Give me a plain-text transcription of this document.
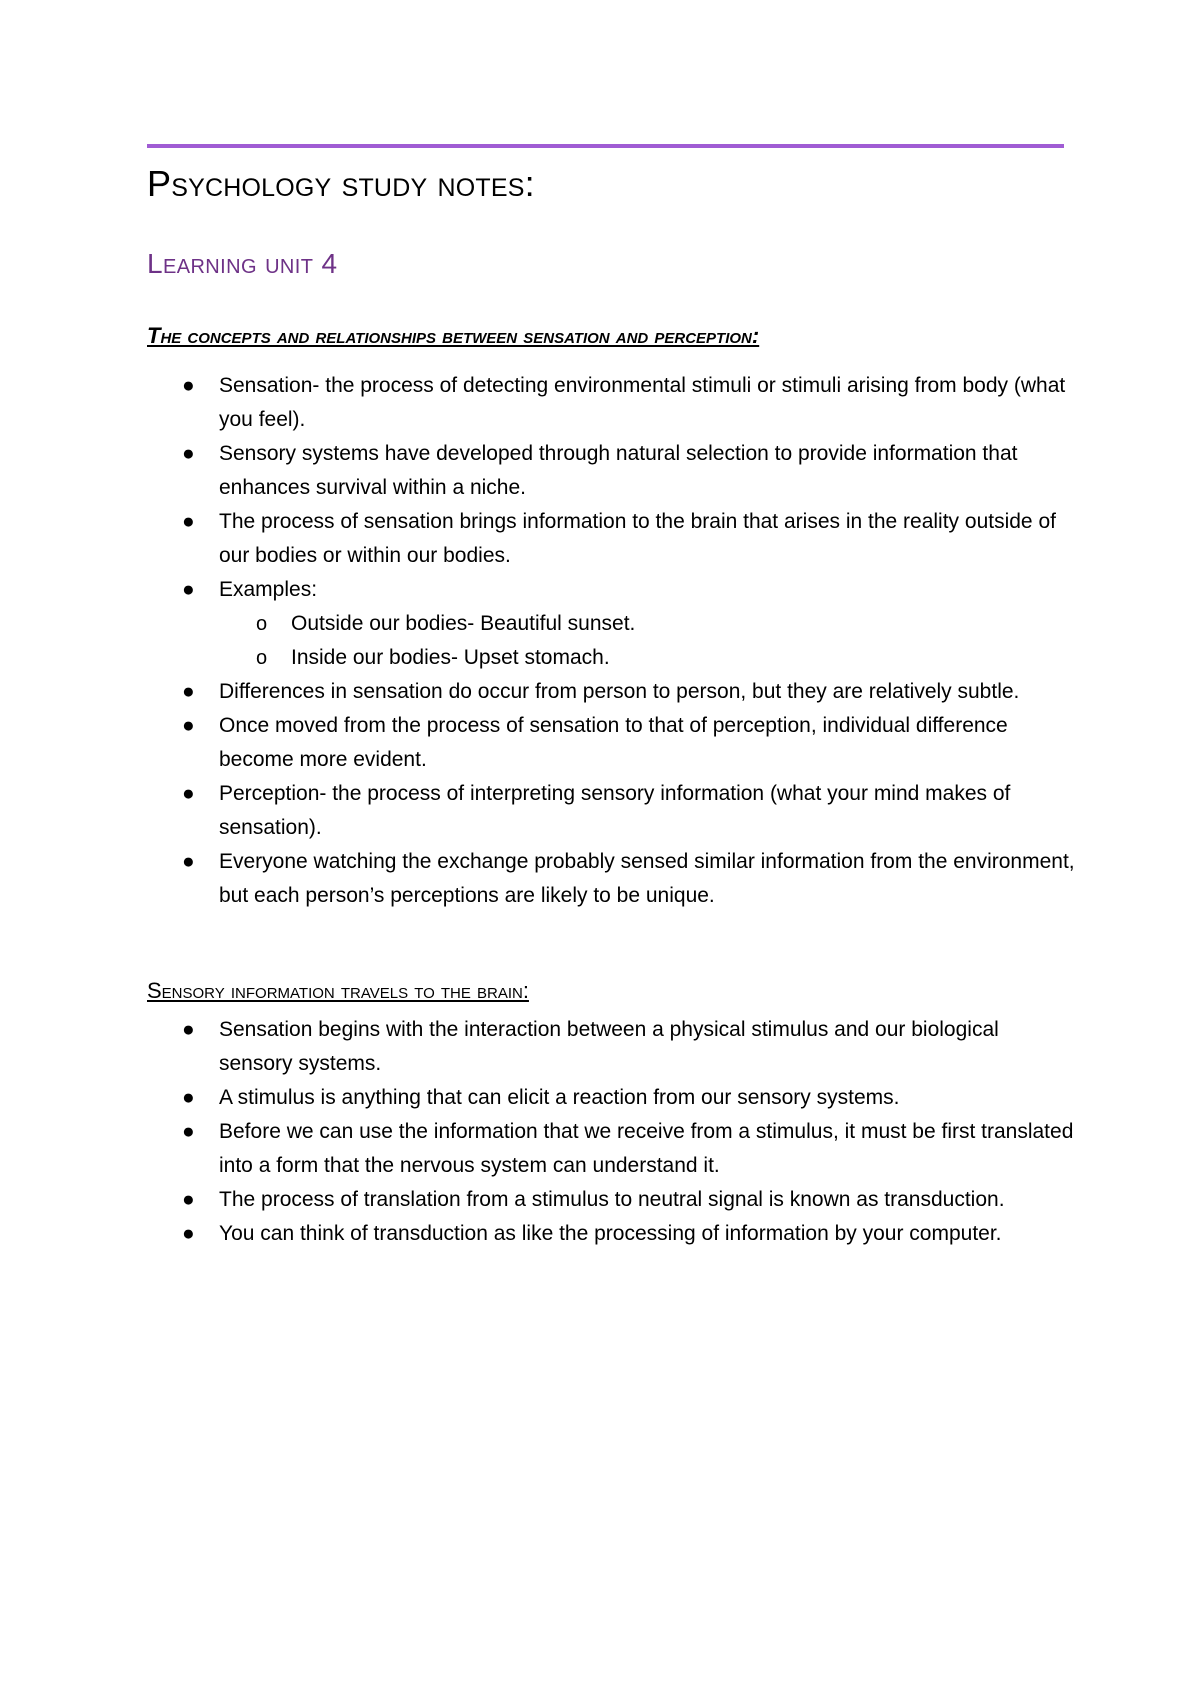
Psychology study notes:
Learning unit 4
The concepts and relationships between sensation and perception:
● Sensation- the process of detecting environmental stimuli or stimuli arising from body (what you feel).
● Sensory systems have developed through natural selection to provide information that enhances survival within a niche.
● The process of sensation brings information to the brain that arises in the reality outside of our bodies or within our bodies.
● Examples:
o Outside our bodies- Beautiful sunset.
o Inside our bodies- Upset stomach.
● Differences in sensation do occur from person to person, but they are relatively subtle.
● Once moved from the process of sensation to that of perception, individual difference become more evident.
● Perception- the process of interpreting sensory information (what your mind makes of sensation).
● Everyone watching the exchange probably sensed similar information from the environment, but each person’s perceptions are likely to be unique.
Sensory information travels to the brain:
● Sensation begins with the interaction between a physical stimulus and our biological sensory systems.
● A stimulus is anything that can elicit a reaction from our sensory systems.
● Before we can use the information that we receive from a stimulus, it must be first translated into a form that the nervous system can understand it.
● The process of translation from a stimulus to neutral signal is known as transduction.
● You can think of transduction as like the processing of information by your computer.
